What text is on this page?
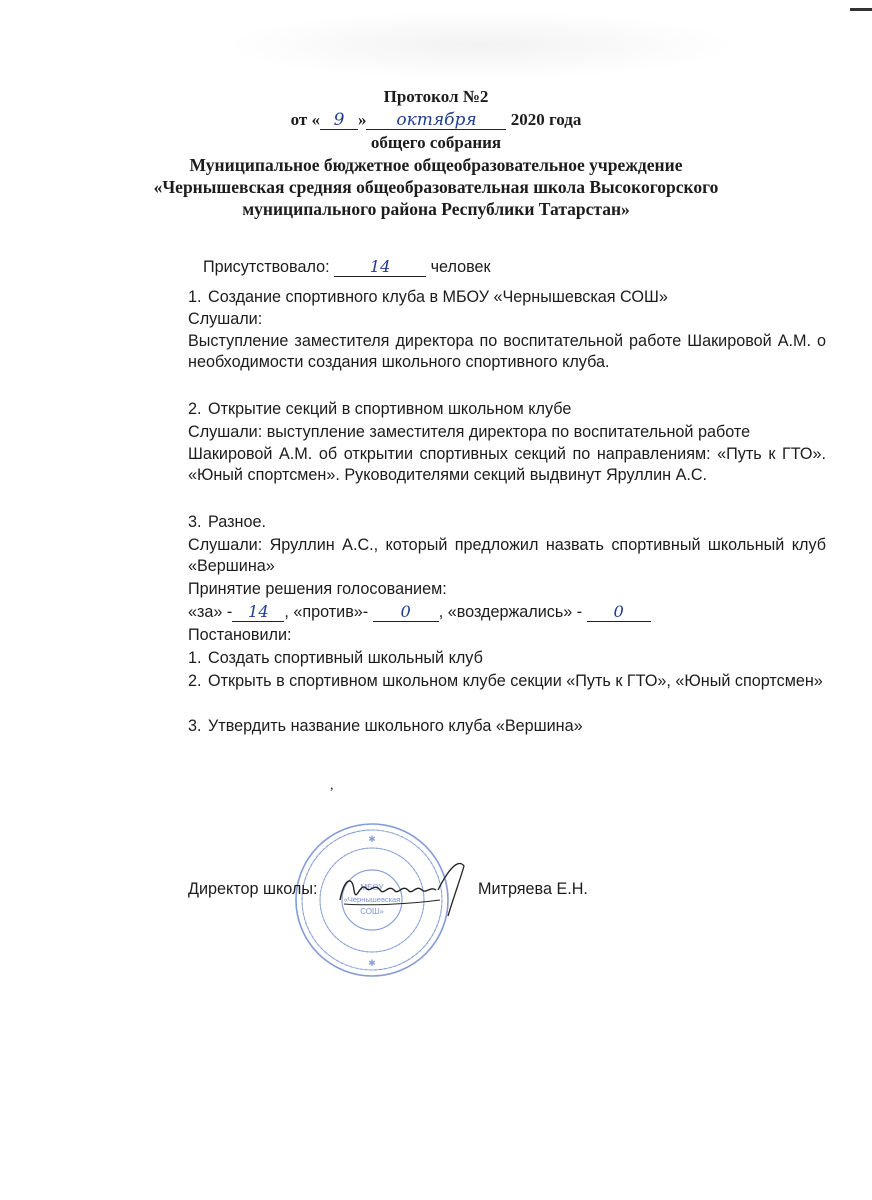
Протокол №2
от « 9 » октября 2020 года
общего собрания
Муниципальное бюджетное общеобразовательное учреждение
«Чернышевская средняя общеобразовательная школа Высокогорского
муниципального района Республики Татарстан»
Присутствовало: 14 человек
1. Создание спортивного клуба в МБОУ «Чернышевская СОШ»
Слушали:
Выступление заместителя директора по воспитательной работе Шакировой А.М. о необходимости создания школьного спортивного клуба.
2. Открытие секций в спортивном школьном клубе
Слушали: выступление заместителя директора по воспитательной работе
Шакировой А.М. об открытии спортивных секций по направлениям: «Путь к ГТО». «Юный спортсмен». Руководителями секций выдвинут Яруллин А.С.
3. Разное.
Слушали: Яруллин А.С., который предложил назвать спортивный школьный клуб «Вершина»
Принятие решения голосованием:
«за» - 14 , «против»- 0 , «воздержались» - 0
Постановили:
1. Создать спортивный школьный клуб
2. Открыть в спортивном школьном клубе секции «Путь к ГТО», «Юный спортсмен»
3. Утвердить название школьного клуба «Вершина»
,
МБОУ
«Чернышевская
СОШ»
✱
✱
Директор школы:	Митряева Е.Н.
